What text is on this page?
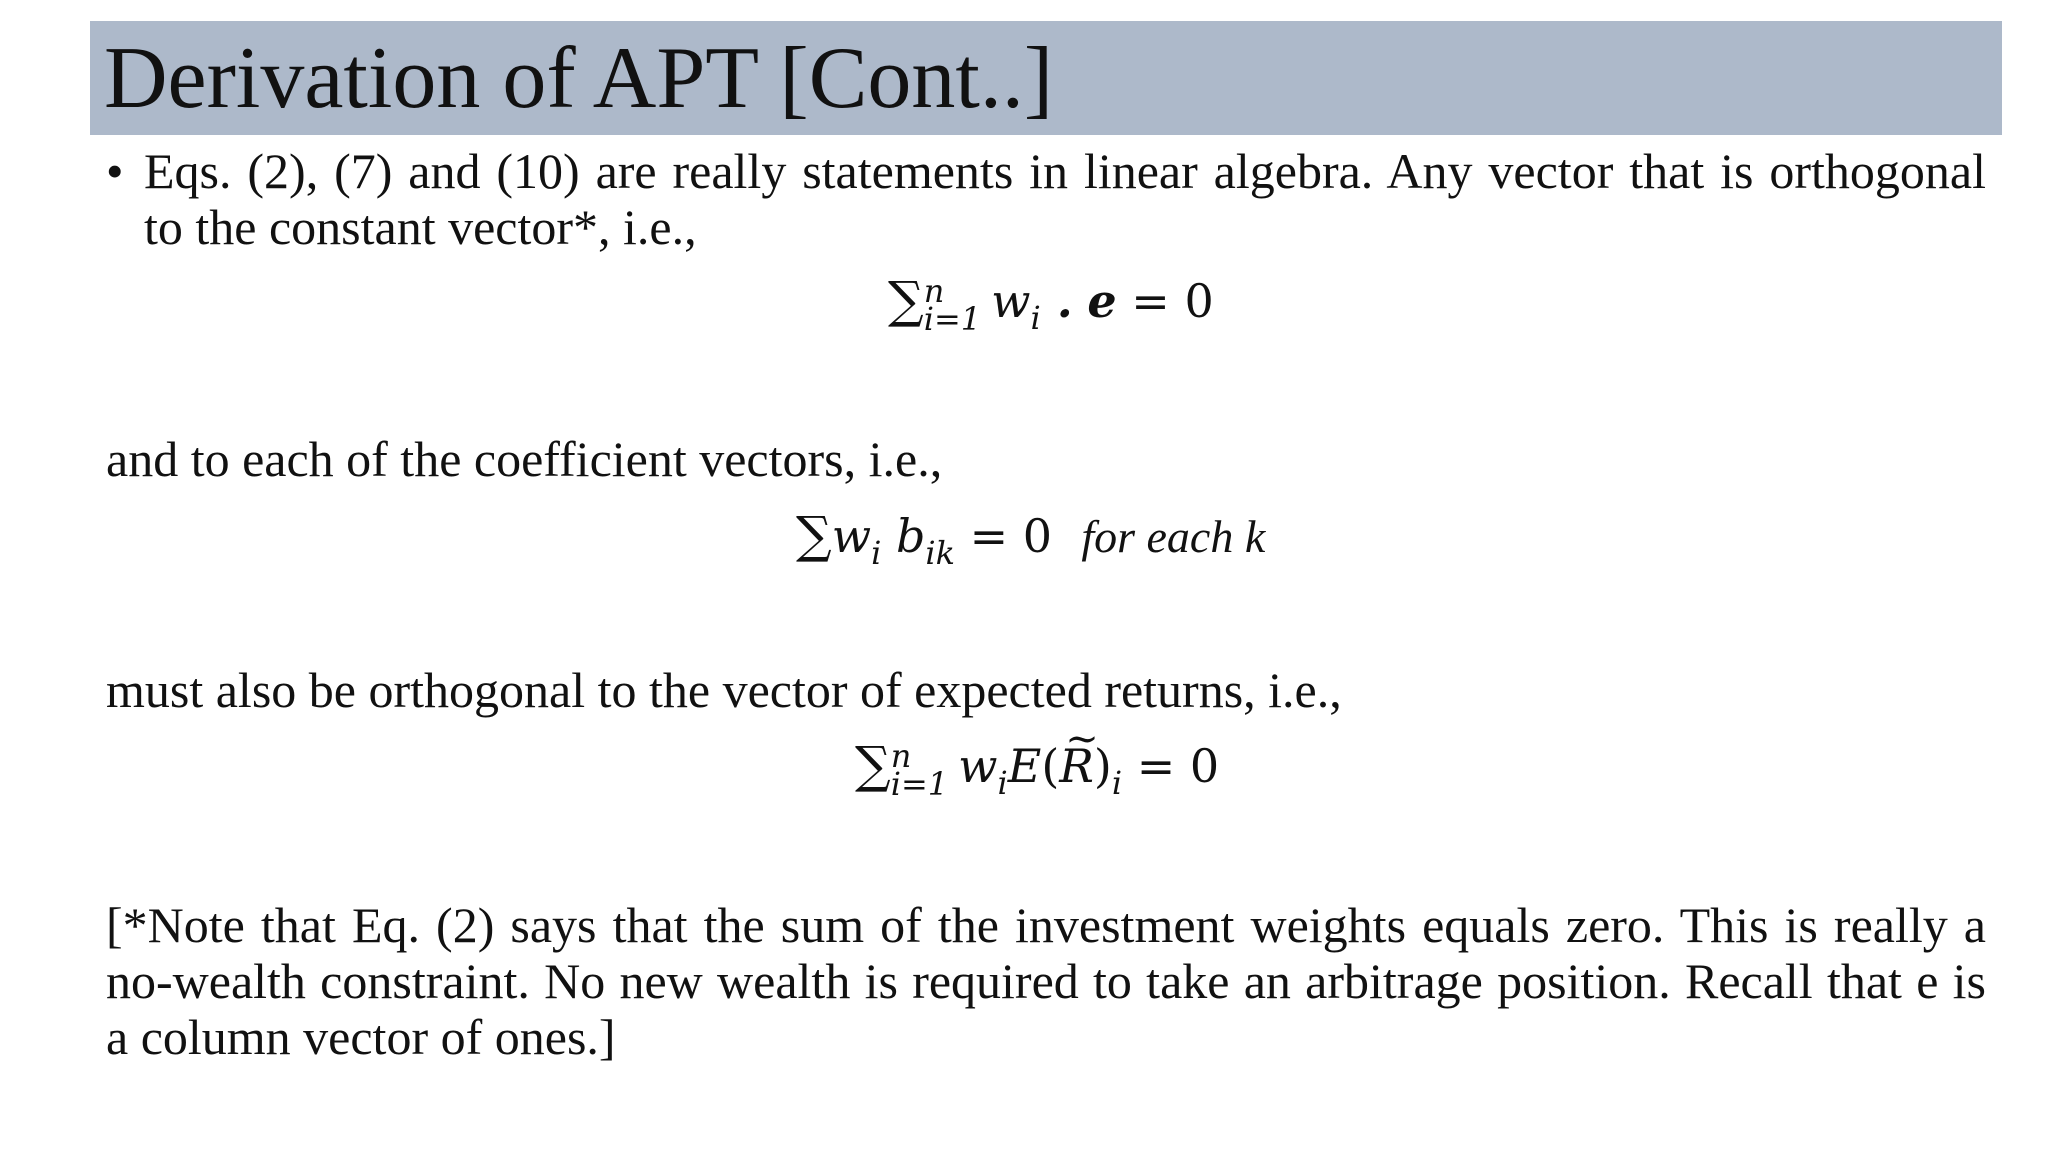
Derivation of APT [Cont..]
• Eqs. (2), (7) and (10) are really statements in linear algebra. Any vector that is orthogonal to the constant vector*, i.e.,
∑ n
i=1 $w_i$ . e = 0
and to each of the coefficient vectors, i.e.,
$\sum w_i$ $b_{ik} = 0$ for each k
must also be orthogonal to the vector of expected returns, i.e.,
∑ n
i=1 $w_iE(\sim$ $R)_i = 0$
[*Note that Eq. (2) says that the sum of the investment weights equals zero. This is really a no-wealth constraint. No new wealth is required to take an arbitrage position. Recall that e is a column vector of ones.]
